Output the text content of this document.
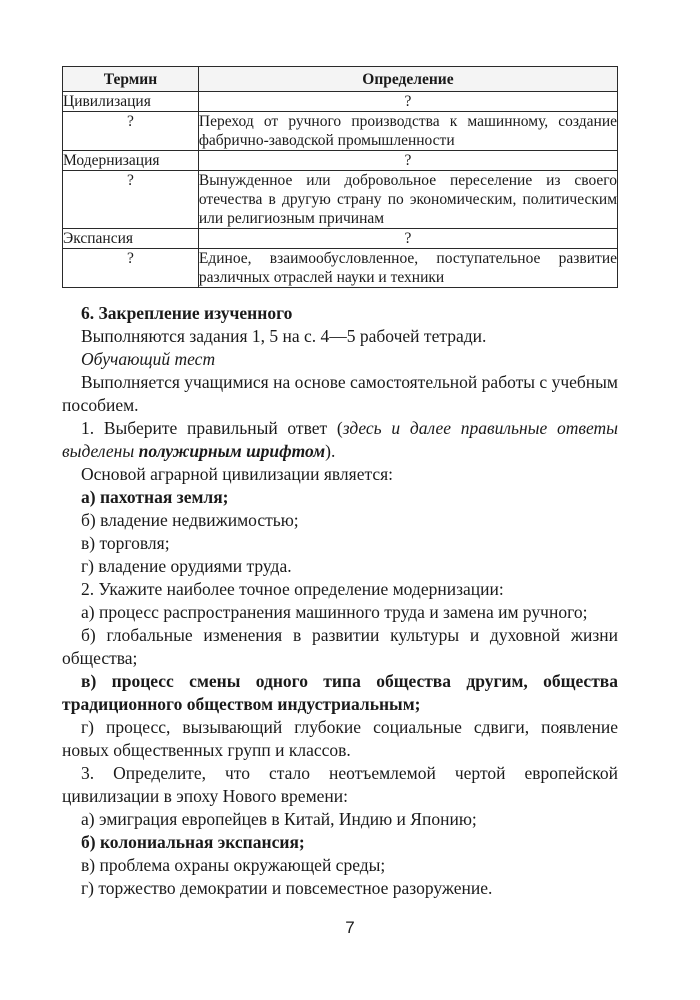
Термин	Определение
Цивилизация	?
?	Переход от ручного производства к машинному, создание фабрично-заводской промышленности
Модернизация	?
?	Вынужденное или добровольное переселение из своего отечества в другую страну по экономическим, политическим или религиозным причинам
Экспансия	?
?	Единое, взаимообусловленное, поступательное развитие различных отраслей науки и техники

6. Закрепление изученного

Выполняются задания 1, 5 на с. 4—5 рабочей тетради.

Обучающий тест

Выполняется учащимися на основе самостоятельной работы с учебным пособием.

1. Выберите правильный ответ (здесь и далее правильные ответы выделены полужирным шрифтом).

Основой аграрной цивилизации является:

а) пахотная земля;

б) владение недвижимостью;

в) торговля;

г) владение орудиями труда.

2. Укажите наиболее точное определение модернизации:

а) процесс распространения машинного труда и замена им ручного;

б) глобальные изменения в развитии культуры и духовной жизни общества;

в) процесс смены одного типа общества другим, общества традиционного обществом индустриальным;

г) процесс, вызывающий глубокие социальные сдвиги, появление новых общественных групп и классов.

3. Определите, что стало неотъемлемой чертой европейской цивилизации в эпоху Нового времени:

а) эмиграция европейцев в Китай, Индию и Японию;

б) колониальная экспансия;

в) проблема охраны окружающей среды;

г) торжество демократии и повсеместное разоружение.

7
